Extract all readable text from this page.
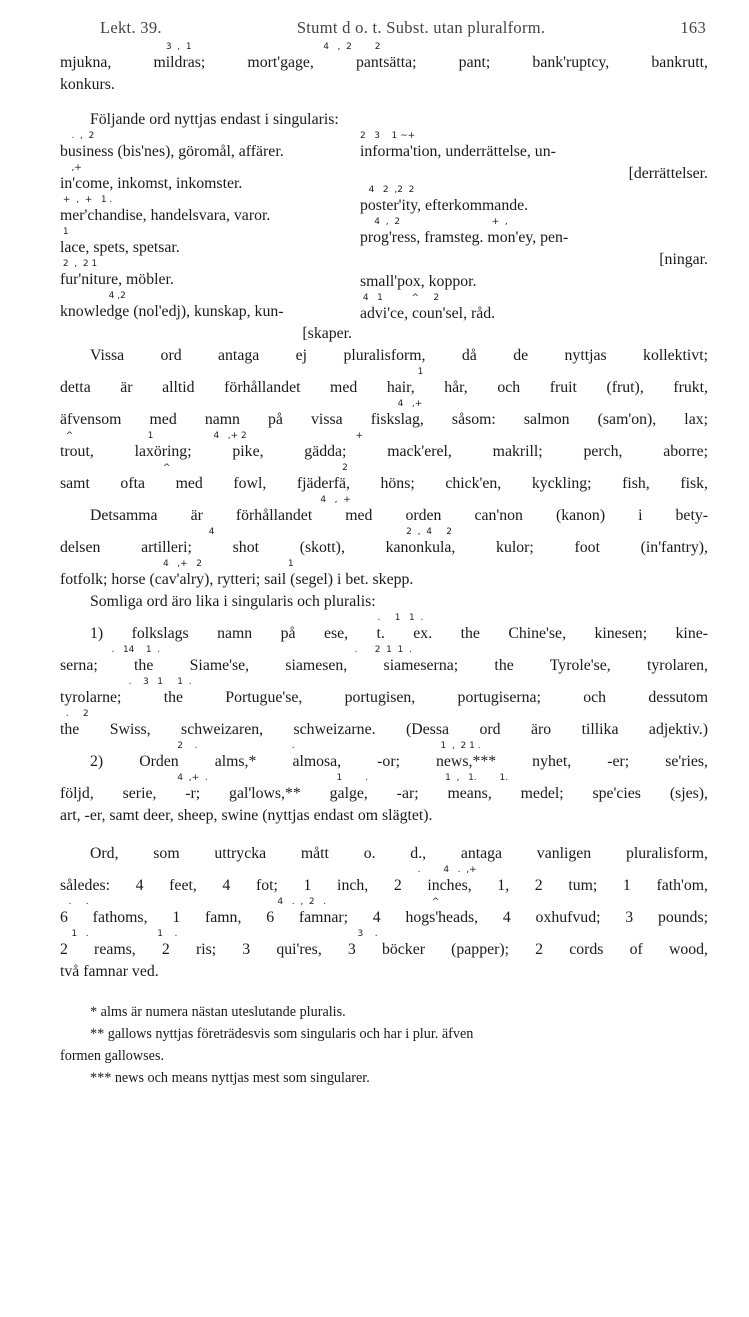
Lekt. 39.	Stumt d o. t. Subst. utan pluralform.	163
3  ,  1                                              4   ,  2        2
mjukna, mildras; mort'gage, pantsätta; pant; bank'ruptcy, bankrutt,
konkurs.
Följande ord nyttjas endast i singularis:
.  ,  2
business (bis'nes), göromål, affärer.
,+
in'come, inkomst, inkomster.
+  ,  +   1 .
mer'chandise, handelsvara, varor.
1
lace, spets, spetsar.
2  ,  2 1
fur'niture, möbler.
4 ,2
knowledge (nol'edj), kunskap, kun-
[skaper.
2   3    1 ~+
informa'tion, underrättelse, un-
[derrättelser.
4   2  ,2  2
poster'ity, efterkommande.
4  ,  2                                +  ,
prog'ress, framsteg. mon'ey, pen-
[ningar.
small'pox, koppor.
4   1          ^     2
advi'ce, coun'sel, råd.
Vissa ord antaga ej pluralisform, då de nyttjas kollektivt;
1
detta är alltid förhållandet med hair, hår, och fruit (frut), frukt,
4   ,+
äfvensom med namn på vissa fiskslag, såsom: salmon (sam'on), lax;
^                          1                     4   ,+ 2                                      +
trout, laxöring; pike, gädda; mack'erel, makrill; perch, aborre;
^                                                            2
samt ofta med fowl, fjäderfä, höns; chick'en, kyckling; fish, fisk,
4   ,  +
Detsamma är förhållandet med orden can'non (kanon) i bety-
4                                                                   2  ,  4     2
delsen artilleri; shot (skott), kanonkula, kulor; foot (in'fantry),
4   ,+   2                              1
fotfolk; horse (cav'alry), rytteri; sail (segel) i bet. skepp.
Somliga ord äro lika i singularis och pluralis:
.     1   1  .
1) folkslags namn på ese, t. ex. the Chine'se, kinesen; kine-
.   14    1  .                                                                    .      2  1  1  .
serna; the Siame'se, siamesen, siameserna; the Tyrole'se, tyrolaren,
.    3   1     1  .
tyrolarne; the Portugue'se, portugisen, portugiserna; och dessutom
.     2
the Swiss, schweizaren, schweizarne. (Dessa ord äro tillika adjektiv.)
2    .                                 .                                                   1  ,  2 1 .
2) Orden alms,* almosa, -or; news,*** nyhet, -er; se'ries,
4  ,+  .                                             1        .                           1  ,   1.        1.
följd, serie, -r; gal'lows,** galge, -ar; means, medel; spe'cies (sjes),
art, -er, samt deer, sheep, swine (nyttjas endast om slägtet).
Ord, som uttrycka mått o. d., antaga vanligen pluralisform,
.        4   .  ,+
således: 4 feet, 4 fot; 1 inch, 2 inches, 1, 2 tum; 1 fath'om,
.     .                                                                  4   .  ,  2   .                                     ^
6 fathoms, 1 famn, 6 famnar; 4 hogs'heads, 4 oxhufvud; 3 pounds;
1   .                        1    .                                                               3    .
2 reams, 2 ris; 3 qui'res, 3 böcker (papper); 2 cords of wood,
två famnar ved.
* alms är numera nästan uteslutande pluralis.
** gallows nyttjas företrädesvis som singularis och har i plur. äfven
formen gallowses.
*** news och means nyttjas mest som singularer.
